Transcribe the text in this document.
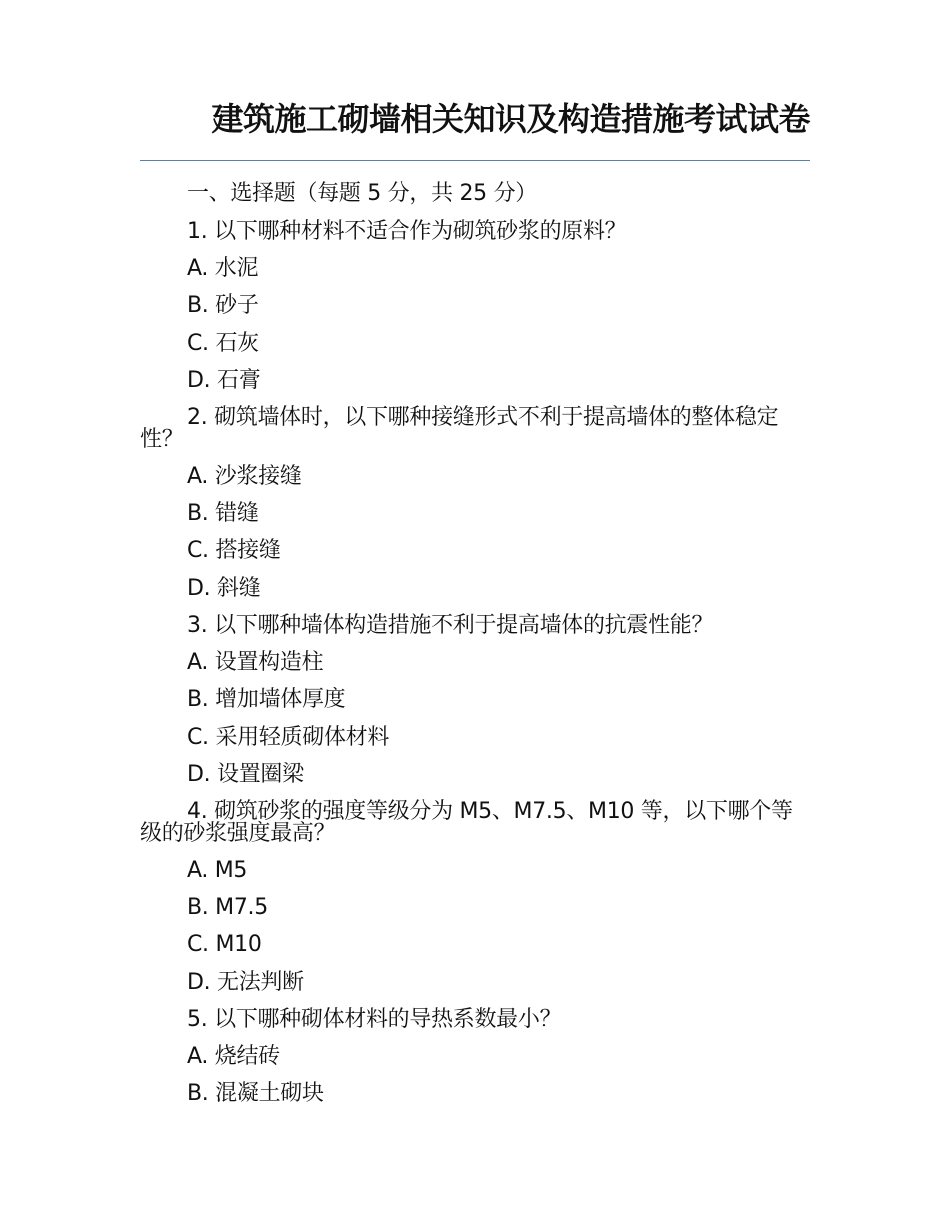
建筑施工砌墙相关知识及构造措施考试试卷
一、选择题（每题 5 分，共 25 分）
1. 以下哪种材料不适合作为砌筑砂浆的原料？
A. 水泥
B. 砂子
C. 石灰
D. 石膏
2. 砌筑墙体时，以下哪种接缝形式不利于提高墙体的整体稳定性？
A. 沙浆接缝
B. 错缝
C. 搭接缝
D. 斜缝
3. 以下哪种墙体构造措施不利于提高墙体的抗震性能？
A. 设置构造柱
B. 增加墙体厚度
C. 采用轻质砌体材料
D. 设置圈梁
4. 砌筑砂浆的强度等级分为 M5、M7.5、M10 等，以下哪个等级的砂浆强度最高？
A. M5
B. M7.5
C. M10
D. 无法判断
5. 以下哪种砌体材料的导热系数最小？
A. 烧结砖
B. 混凝土砌块
